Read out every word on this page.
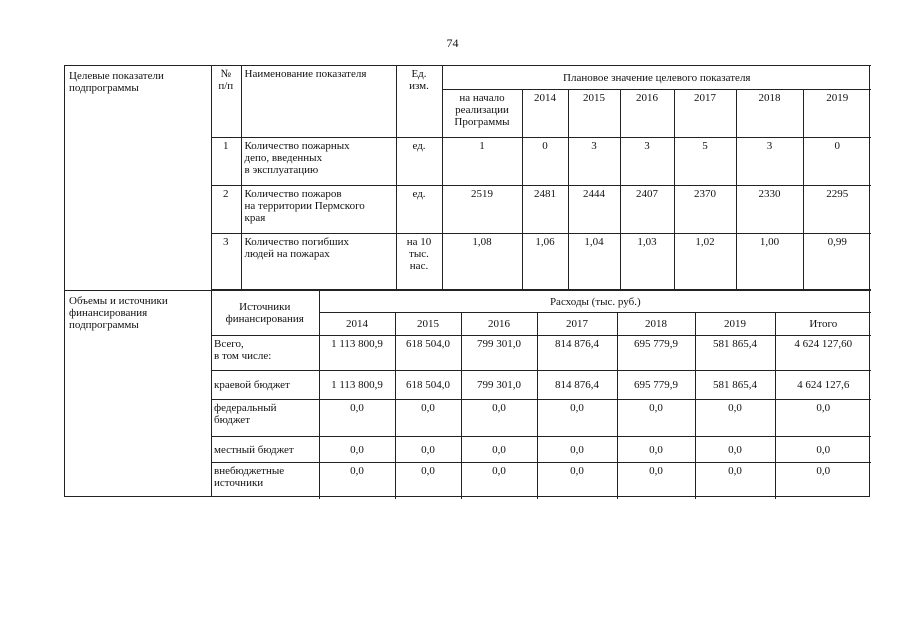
74
Целевые показатели
подпрограммы
Объемы и источники
финансирования
подпрограммы
№
п/п	Наименование показателя	Ед.
изм.	Плановое значение целевого показателя						
			на начало
реализации
Программы	2014	2015	2016	2017	2018	2019
1	Количество пожарных
депо, введенных
в эксплуатацию	ед.	1	0	3	3	5	3	0
2	Количество пожаров
на территории Пермского
края	ед.	2519	2481	2444	2407	2370	2330	2295
3	Количество погибших
людей на пожарах	на 10
тыс.
нас.	1,08	1,06	1,04	1,03	1,02	1,00	0,99
Источники
финансирования	Расходы (тыс. руб.)						
	2014	2015	2016	2017	2018	2019	Итого
Всего,
в том числе:	1 113 800,9	618 504,0	799 301,0	814 876,4	695 779,9	581 865,4	4 624 127,60
краевой бюджет	1 113 800,9	618 504,0	799 301,0	814 876,4	695 779,9	581 865,4	4 624 127,6
федеральный
бюджет	0,0	0,0	0,0	0,0	0,0	0,0	0,0
местный бюджет	0,0	0,0	0,0	0,0	0,0	0,0	0,0
внебюджетные
источники	0,0	0,0	0,0	0,0	0,0	0,0	0,0
